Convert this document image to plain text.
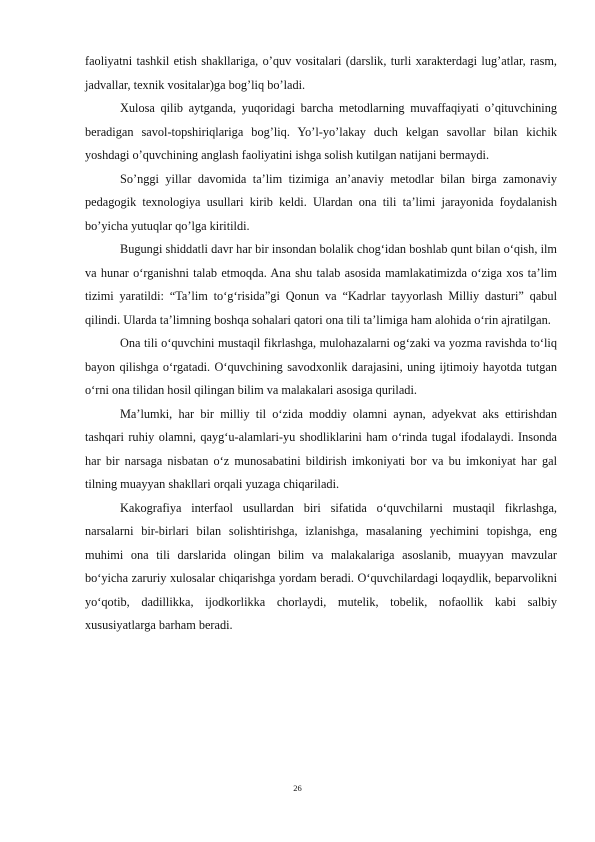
faoliyatni tashkil etish shakllariga, o’quv vositalari (darslik, turli xarakterdagi lug’atlar, rasm, jadvallar, texnik vositalar)ga bog’liq bo’ladi.

Xulosa qilib aytganda, yuqoridagi barcha metodlarning muvaffaqiyati o’qituvchining beradigan savol-topshiriqlariga bog’liq. Yo’l-yo’lakay duch kelgan savollar bilan kichik yoshdagi o’quvchining anglash faoliyatini ishga solish kutilgan natijani bermaydi.

So’nggi yillar davomida ta’lim tizimiga an’anaviy metodlar bilan birga zamonaviy pedagogik texnologiya usullari kirib keldi. Ulardan ona tili ta’limi jarayonida foydalanish bo’yicha yutuqlar qo’lga kiritildi.

Bugungi shiddatli davr har bir insondan bolalik chog‘idan boshlab qunt bilan o‘qish, ilm va hunar o‘rganishni talab etmoqda. Ana shu talab asosida mamlakatimizda o‘ziga xos ta’lim tizimi yaratildi: “Ta’lim to‘g‘risida”gi Qonun va “Kadrlar tayyorlash Milliy dasturi” qabul qilindi. Ularda ta’limning boshqa sohalari qatori ona tili ta’limiga ham alohida o‘rin ajratilgan.

Ona tili o‘quvchini mustaqil fikrlashga, mulohazalarni og‘zaki va yozma ravishda to‘liq bayon qilishga o‘rgatadi. O‘quvchining savodxonlik darajasini, uning ijtimoiy hayotda tutgan o‘rni ona tilidan hosil qilingan bilim va malakalari asosiga quriladi.

Ma’lumki, har bir milliy til o‘zida moddiy olamni aynan, adyekvat aks ettirishdan tashqari ruhiy olamni, qayg‘u-alamlari-yu shodliklarini ham o‘rinda tugal ifodalaydi. Insonda har bir narsaga nisbatan o‘z munosabatini bildirish imkoniyati bor va bu imkoniyat har gal tilning muayyan shakllari orqali yuzaga chiqariladi.

Kakografiya interfaol usullardan biri sifatida o‘quvchilarni mustaqil fikrlashga, narsalarni bir-birlari bilan solishtirishga, izlanishga, masalaning yechimini topishga, eng muhimi ona tili darslarida olingan bilim va malakalariga asoslanib, muayyan mavzular bo‘yicha zaruriy xulosalar chiqarishga yordam beradi. O‘quvchilardagi loqaydlik, beparvolikni yo‘qotib, dadillikka, ijodkorlikka chorlaydi, mutelik, tobelik, nofaollik kabi salbiy xususiyatlarga barham beradi.

26
